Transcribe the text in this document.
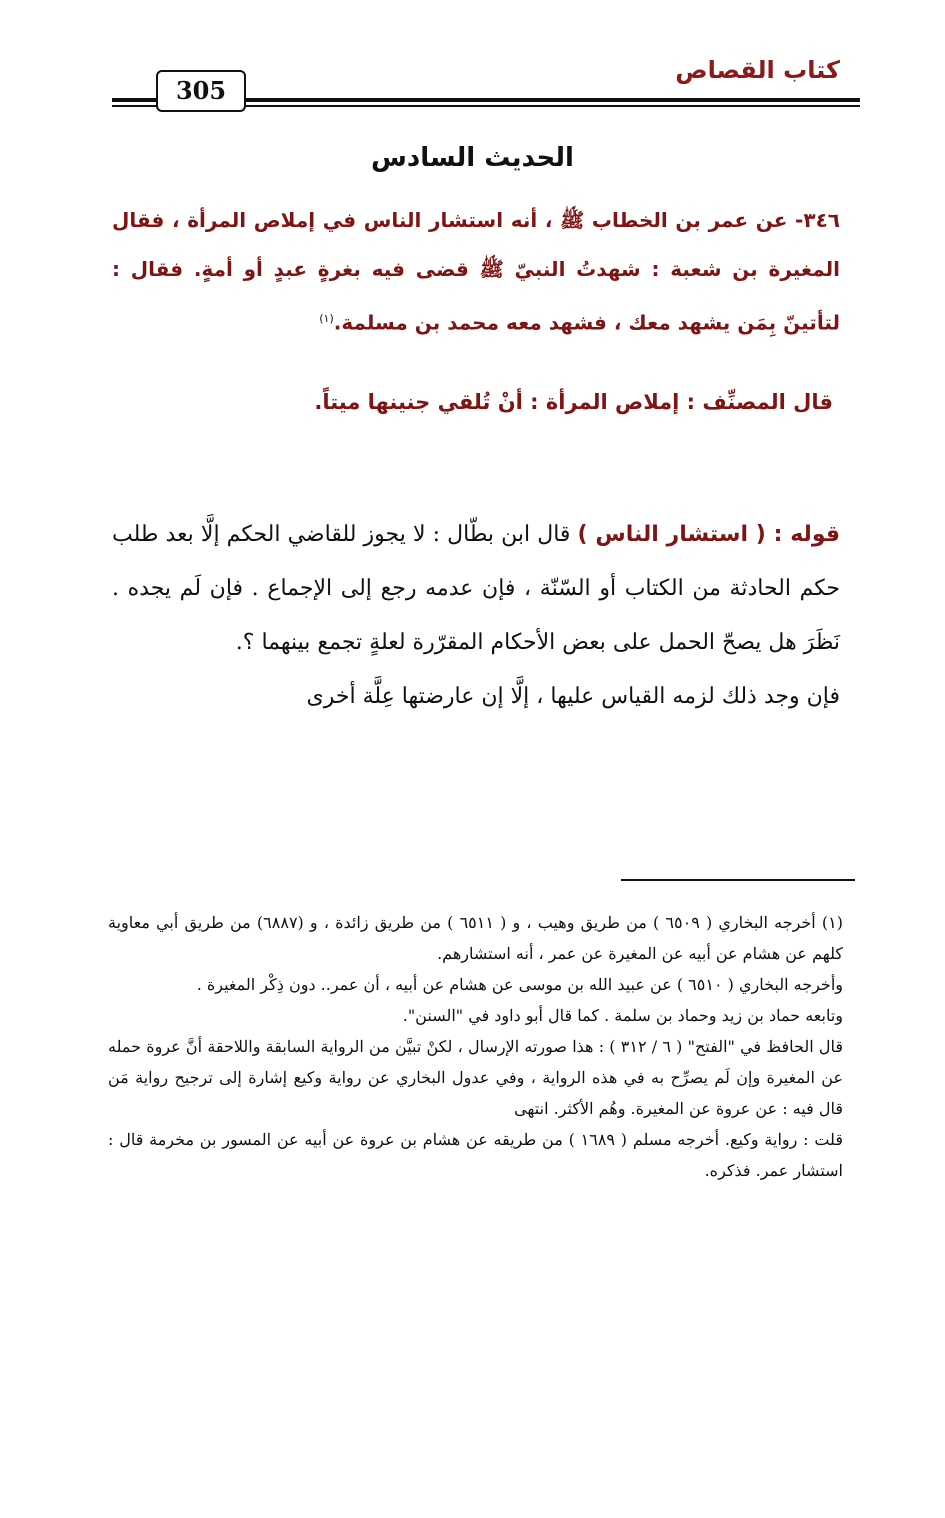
كتاب القصاص
305
الحديث السادس

٣٤٦- عن عمر بن الخطاب ﷺ ، أنه استشار الناس في إملاص المرأة ، فقال المغيرة بن شعبة : شهدتُ النبيّ ﷺ قضى فيه بغرةٍ عبدٍ أو أمةٍ. فقال : لتأتينّ بِمَن يشهد معك ، فشهد معه محمد بن مسلمة.$^{(١)}$

قال المصنِّف : إملاص المرأة : أنْ تُلقي جنينها ميتاً.

قوله : ( استشار الناس ) قال ابن بطّال : لا يجوز للقاضي الحكم إلَّا بعد طلب حكم الحادثة من الكتاب أو السّنّة ، فإن عدمه رجع إلى الإجماع . فإن لَم يجده . نَظَرَ هل يصحّ الحمل على بعض الأحكام المقرّرة لعلةٍ تجمع بينهما ؟.

فإن وجد ذلك لزمه القياس عليها ، إلَّا إن عارضتها عِلَّة أخرى

(١) أخرجه البخاري ( ٦٥٠٩ ) من طريق وهيب ، و ( ٦٥١١ ) من طريق زائدة ، و (٦٨٨٧) من طريق أبي معاوية كلهم عن هشام عن أبيه عن المغيرة عن عمر ، أنه استشارهم.

وأخرجه البخاري ( ٦٥١٠ ) عن عبيد الله بن موسى عن هشام عن أبيه ، أن عمر.. دون ذِكْر المغيرة .

وتابعه حماد بن زيد وحماد بن سلمة . كما قال أبو داود في "السنن".

قال الحافظ في "الفتح" ( ٦ / ٣١٢ ) : هذا صورته الإرسال ، لكنْ تبيَّن من الرواية السابقة واللاحقة أنَّ عروة حمله عن المغيرة وإن لَم يصرِّح به في هذه الرواية ، وفي عدول البخاري عن رواية وكيع إشارة إلى ترجيح رواية مَن قال فيه : عن عروة عن المغيرة. وهُم الأكثر. انتهى

قلت : رواية وكيع. أخرجه مسلم ( ١٦٨٩ ) من طريقه عن هشام بن عروة عن أبيه عن المسور بن مخرمة قال : استشار عمر. فذكره.
